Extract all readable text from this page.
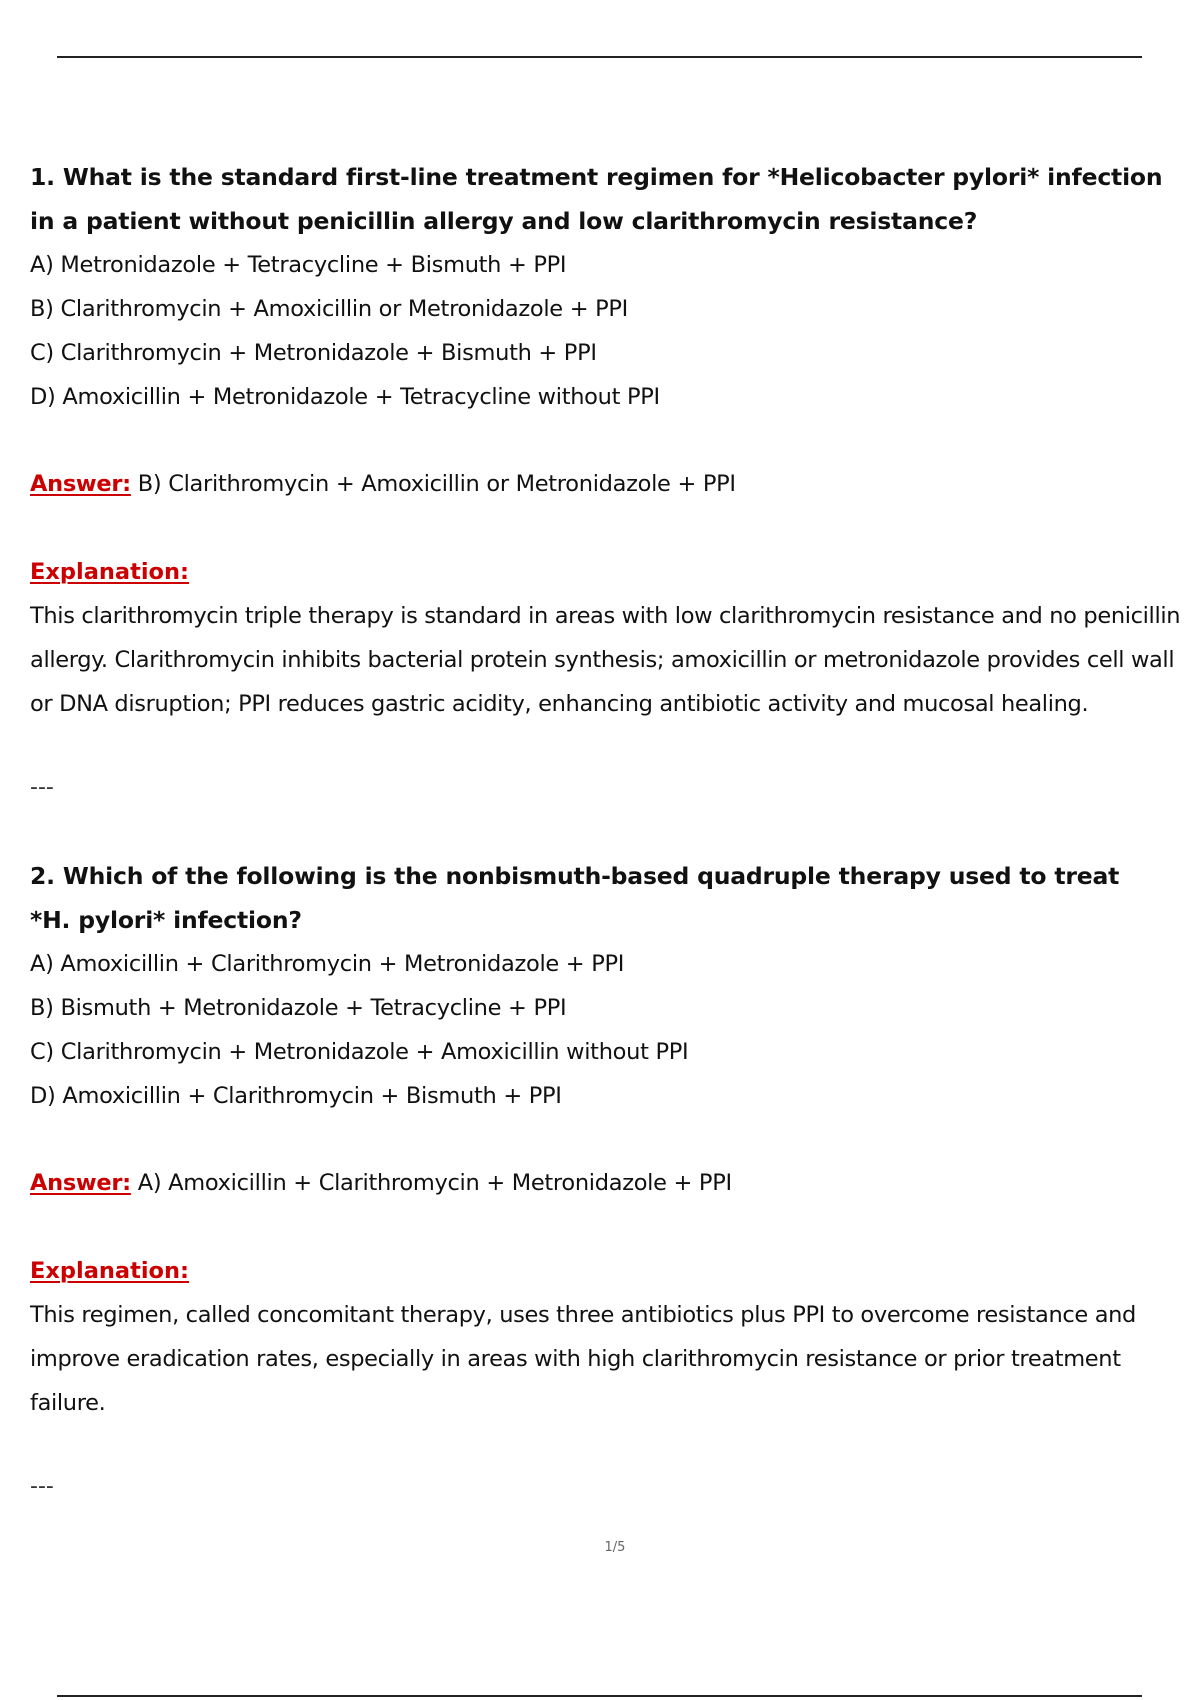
1. What is the standard first-line treatment regimen for *Helicobacter pylori* infection in a patient without penicillin allergy and low clarithromycin resistance?

A) Metronidazole + Tetracycline + Bismuth + PPI

B) Clarithromycin + Amoxicillin or Metronidazole + PPI

C) Clarithromycin + Metronidazole + Bismuth + PPI

D) Amoxicillin + Metronidazole + Tetracycline without PPI

Answer: B) Clarithromycin + Amoxicillin or Metronidazole + PPI

Explanation:

This clarithromycin triple therapy is standard in areas with low clarithromycin resistance and no penicillin allergy. Clarithromycin inhibits bacterial protein synthesis; amoxicillin or metronidazole provides cell wall or DNA disruption; PPI reduces gastric acidity, enhancing antibiotic activity and mucosal healing.

---

2. Which of the following is the nonbismuth-based quadruple therapy used to treat *H. pylori* infection?

A) Amoxicillin + Clarithromycin + Metronidazole + PPI

B) Bismuth + Metronidazole + Tetracycline + PPI

C) Clarithromycin + Metronidazole + Amoxicillin without PPI

D) Amoxicillin + Clarithromycin + Bismuth + PPI

Answer: A) Amoxicillin + Clarithromycin + Metronidazole + PPI

Explanation:

This regimen, called concomitant therapy, uses three antibiotics plus PPI to overcome resistance and improve eradication rates, especially in areas with high clarithromycin resistance or prior treatment failure.

---

1/5
